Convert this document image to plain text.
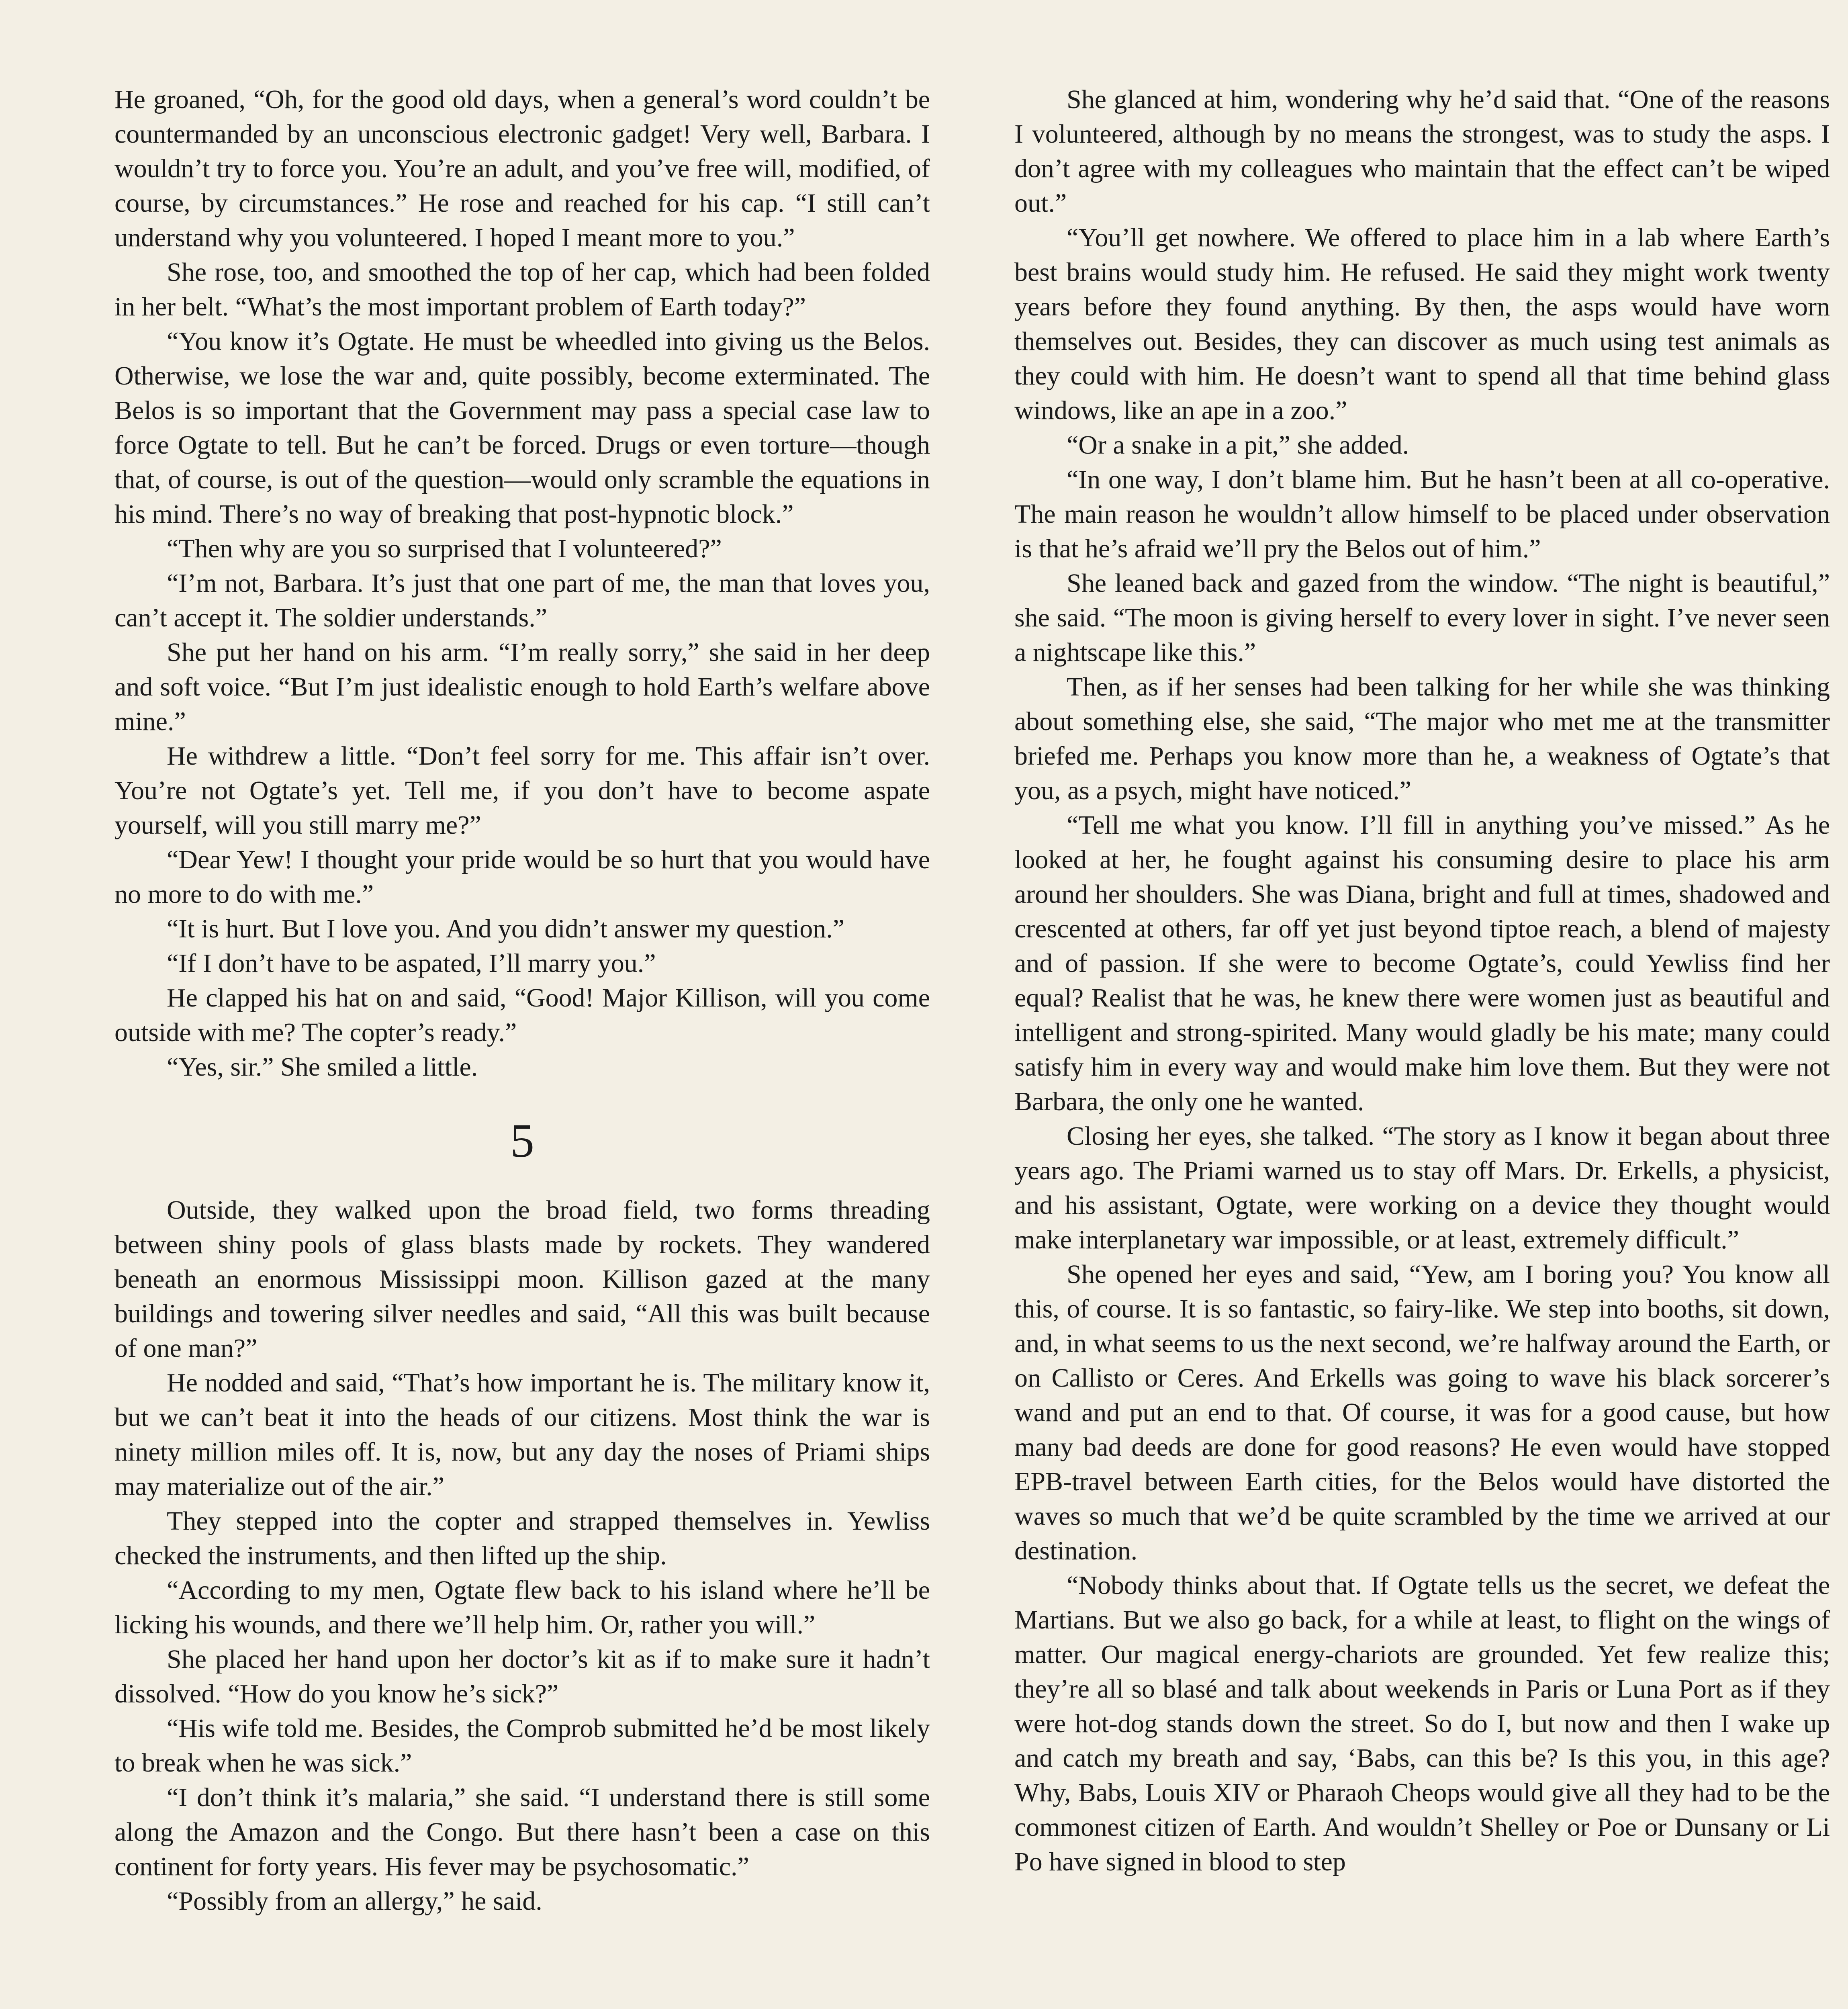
He groaned, “Oh, for the good old days, when a general’s word couldn’t be countermanded by an unconscious electronic gadget! Very well, Barbara. I wouldn’t try to force you. You’re an adult, and you’ve free will, modified, of course, by circumstances.” He rose and reached for his cap. “I still can’t understand why you volunteered. I hoped I meant more to you.”

She rose, too, and smoothed the top of her cap, which had been folded in her belt. “What’s the most important problem of Earth today?”

“You know it’s Ogtate. He must be wheedled into giving us the Belos. Otherwise, we lose the war and, quite possibly, become exterminated. The Belos is so important that the Government may pass a special case law to force Ogtate to tell. But he can’t be forced. Drugs or even torture—though that, of course, is out of the question—would only scramble the equations in his mind. There’s no way of breaking that post-hypnotic block.”

“Then why are you so surprised that I volunteered?”

“I’m not, Barbara. It’s just that one part of me, the man that loves you, can’t accept it. The soldier understands.”

She put her hand on his arm. “I’m really sorry,” she said in her deep and soft voice. “But I’m just idealistic enough to hold Earth’s welfare above mine.”

He withdrew a little. “Don’t feel sorry for me. This affair isn’t over. You’re not Ogtate’s yet. Tell me, if you don’t have to become aspate yourself, will you still marry me?”

“Dear Yew! I thought your pride would be so hurt that you would have no more to do with me.”

“It is hurt. But I love you. And you didn’t answer my question.”

“If I don’t have to be aspated, I’ll marry you.”

He clapped his hat on and said, “Good! Major Killison, will you come outside with me? The copter’s ready.”

“Yes, sir.” She smiled a little.

5

Outside, they walked upon the broad field, two forms threading between shiny pools of glass blasts made by rockets. They wandered beneath an enormous Mississippi moon. Killison gazed at the many buildings and towering silver needles and said, “All this was built because of one man?”

He nodded and said, “That’s how important he is. The military know it, but we can’t beat it into the heads of our citizens. Most think the war is ninety million miles off. It is, now, but any day the noses of Priami ships may materialize out of the air.”

They stepped into the copter and strapped themselves in. Yewliss checked the instruments, and then lifted up the ship.

“According to my men, Ogtate flew back to his island where he’ll be licking his wounds, and there we’ll help him. Or, rather you will.”

She placed her hand upon her doctor’s kit as if to make sure it hadn’t dissolved. “How do you know he’s sick?”

“His wife told me. Besides, the Comprob submitted he’d be most likely to break when he was sick.”

“I don’t think it’s malaria,” she said. “I understand there is still some along the Amazon and the Congo. But there hasn’t been a case on this continent for forty years. His fever may be psychosomatic.”

“Possibly from an allergy,” he said.

She glanced at him, wondering why he’d said that. “One of the reasons I volunteered, although by no means the strongest, was to study the asps. I don’t agree with my colleagues who maintain that the effect can’t be wiped out.”

“You’ll get nowhere. We offered to place him in a lab where Earth’s best brains would study him. He refused. He said they might work twenty years before they found anything. By then, the asps would have worn themselves out. Besides, they can discover as much using test animals as they could with him. He doesn’t want to spend all that time behind glass windows, like an ape in a zoo.”

“Or a snake in a pit,” she added.

“In one way, I don’t blame him. But he hasn’t been at all co-operative. The main reason he wouldn’t allow himself to be placed under observation is that he’s afraid we’ll pry the Belos out of him.”

She leaned back and gazed from the window. “The night is beautiful,” she said. “The moon is giving herself to every lover in sight. I’ve never seen a nightscape like this.”

Then, as if her senses had been talking for her while she was thinking about something else, she said, “The major who met me at the transmitter briefed me. Perhaps you know more than he, a weakness of Ogtate’s that you, as a psych, might have noticed.”

“Tell me what you know. I’ll fill in anything you’ve missed.” As he looked at her, he fought against his consuming desire to place his arm around her shoulders. She was Diana, bright and full at times, shadowed and crescented at others, far off yet just beyond tiptoe reach, a blend of majesty and of passion. If she were to become Ogtate’s, could Yewliss find her equal? Realist that he was, he knew there were women just as beautiful and intelligent and strong-spirited. Many would gladly be his mate; many could satisfy him in every way and would make him love them. But they were not Barbara, the only one he wanted.

Closing her eyes, she talked. “The story as I know it began about three years ago. The Priami warned us to stay off Mars. Dr. Erkells, a physicist, and his assistant, Ogtate, were working on a device they thought would make interplanetary war impossible, or at least, extremely difficult.”

She opened her eyes and said, “Yew, am I boring you? You know all this, of course. It is so fantastic, so fairy-like. We step into booths, sit down, and, in what seems to us the next second, we’re halfway around the Earth, or on Callisto or Ceres. And Erkells was going to wave his black sorcerer’s wand and put an end to that. Of course, it was for a good cause, but how many bad deeds are done for good reasons? He even would have stopped EPB-travel between Earth cities, for the Belos would have distorted the waves so much that we’d be quite scrambled by the time we arrived at our destination.

“Nobody thinks about that. If Ogtate tells us the secret, we defeat the Martians. But we also go back, for a while at least, to flight on the wings of matter. Our magical energy-chariots are grounded. Yet few realize this; they’re all so blasé and talk about weekends in Paris or Luna Port as if they were hot-dog stands down the street. So do I, but now and then I wake up and catch my breath and say, ‘Babs, can this be? Is this you, in this age? Why, Babs, Louis XIV or Pharaoh Cheops would give all they had to be the commonest citizen of Earth. And wouldn’t Shelley or Poe or Dunsany or Li Po have signed in blood to step
